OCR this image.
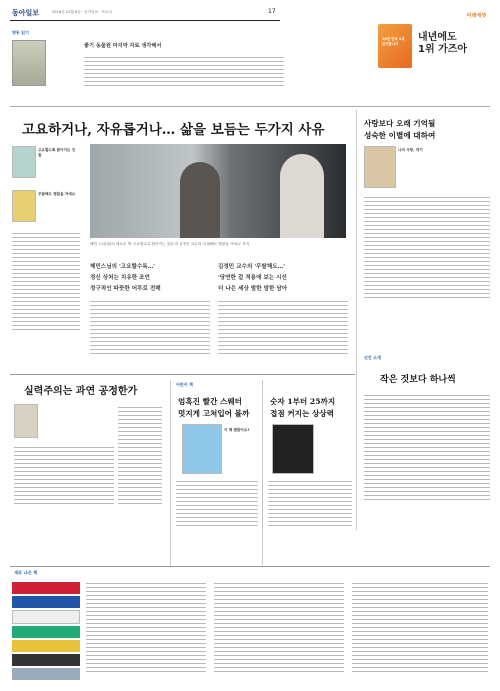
동아일보	2016년 12월 8일 · 동아일보 · 목요일	17
미래에셋
10년 연속 1위
감사합니다
내년에도
1위 가즈아
명동 읽기
좋기 동물원 마지막 자료 생각해서
고요하거나, 자유롭거나… 삶을 보듬는 두가지 사유
고요할수록 밝아지는 것들
무탈해도 괜찮을 거예요
혜민 스님(위)의 새로운 책 '고요할수록 밝아지는 것들'과 김정민 교수의 '무탈해도 괜찮을 거예요' 표지
혜민스님의 '고요할수록…'
정신 상처는 치유한 조언
정구적인 따뜻한 어투로 전해
김정민 교수의 '무탈해도…'
'당연한 걸 적용에 보는 시선
더 나은 세상 발한 말한 담아
사랑보다 오래 기억될
성숙한 이별에 대하여
나의 사랑, 개기
신간 소개
작은 것보다 하나씩
실력주의는 과연 공정한가
어린이 책
엄혹진 빨간 스웨터
멋지게 고쳐입어 볼까
이 책 괜찮아요?
숫자 1부터 25까지
접점 커지는 상상력
새로 나온 책
